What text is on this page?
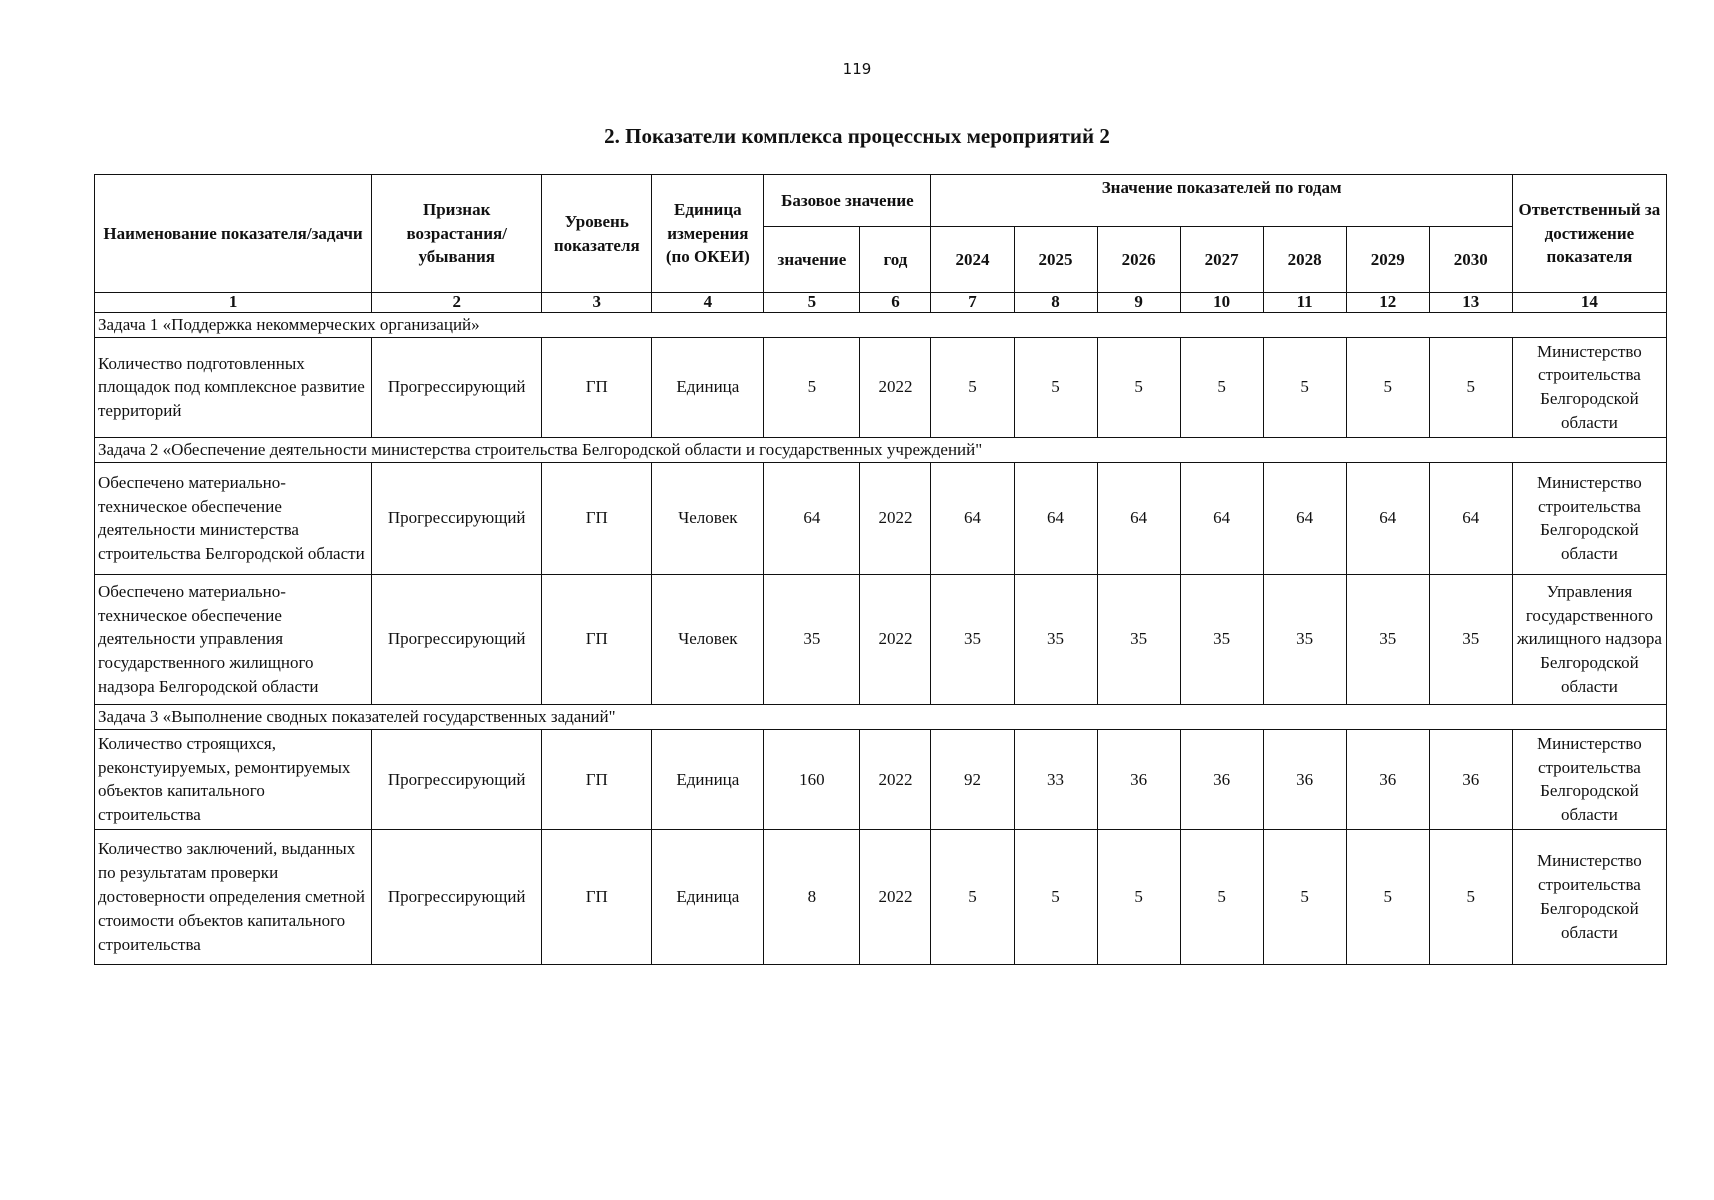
119
2. Показатели комплекса процессных мероприятий 2
Наименование показателя/задачи	Признак возрастания/ убывания	Уровень показателя	Единица измерения (по ОКЕИ)	Базовое значение		Значение показателей по годам							Ответственный за достижение показателя
				значение	год	2024	2025	2026	2027	2028	2029	2030	
1	2	3	4	5	6	7	8	9	10	11	12	13	14
Задача 1 «Поддержка некоммерческих организаций»													
Количество подготовленных площадок под комплексное развитие территорий	Прогрессирующий	ГП	Единица	5	2022	5	5	5	5	5	5	5	Министерство строительства Белгородской области
Задача 2 «Обеспечение деятельности министерства строительства Белгородской области и государственных учреждений"													
Обеспечено материально-техническое обеспечение деятельности министерства строительства Белгородской области	Прогрессирующий	ГП	Человек	64	2022	64	64	64	64	64	64	64	Министерство строительства Белгородской области
Обеспечено материально-техническое обеспечение деятельности управления государственного жилищного надзора Белгородской области	Прогрессирующий	ГП	Человек	35	2022	35	35	35	35	35	35	35	Управления государственного жилищного надзора Белгородской области
Задача 3 «Выполнение сводных показателей государственных заданий"													
Количество строящихся, реконстуируемых, ремонтируемых объектов капитального строительства	Прогрессирующий	ГП	Единица	160	2022	92	33	36	36	36	36	36	Министерство строительства Белгородской области
Количество заключений, выданных по результатам проверки достоверности определения сметной стоимости объектов капитального строительства	Прогрессирующий	ГП	Единица	8	2022	5	5	5	5	5	5	5	Министерство строительства Белгородской области
